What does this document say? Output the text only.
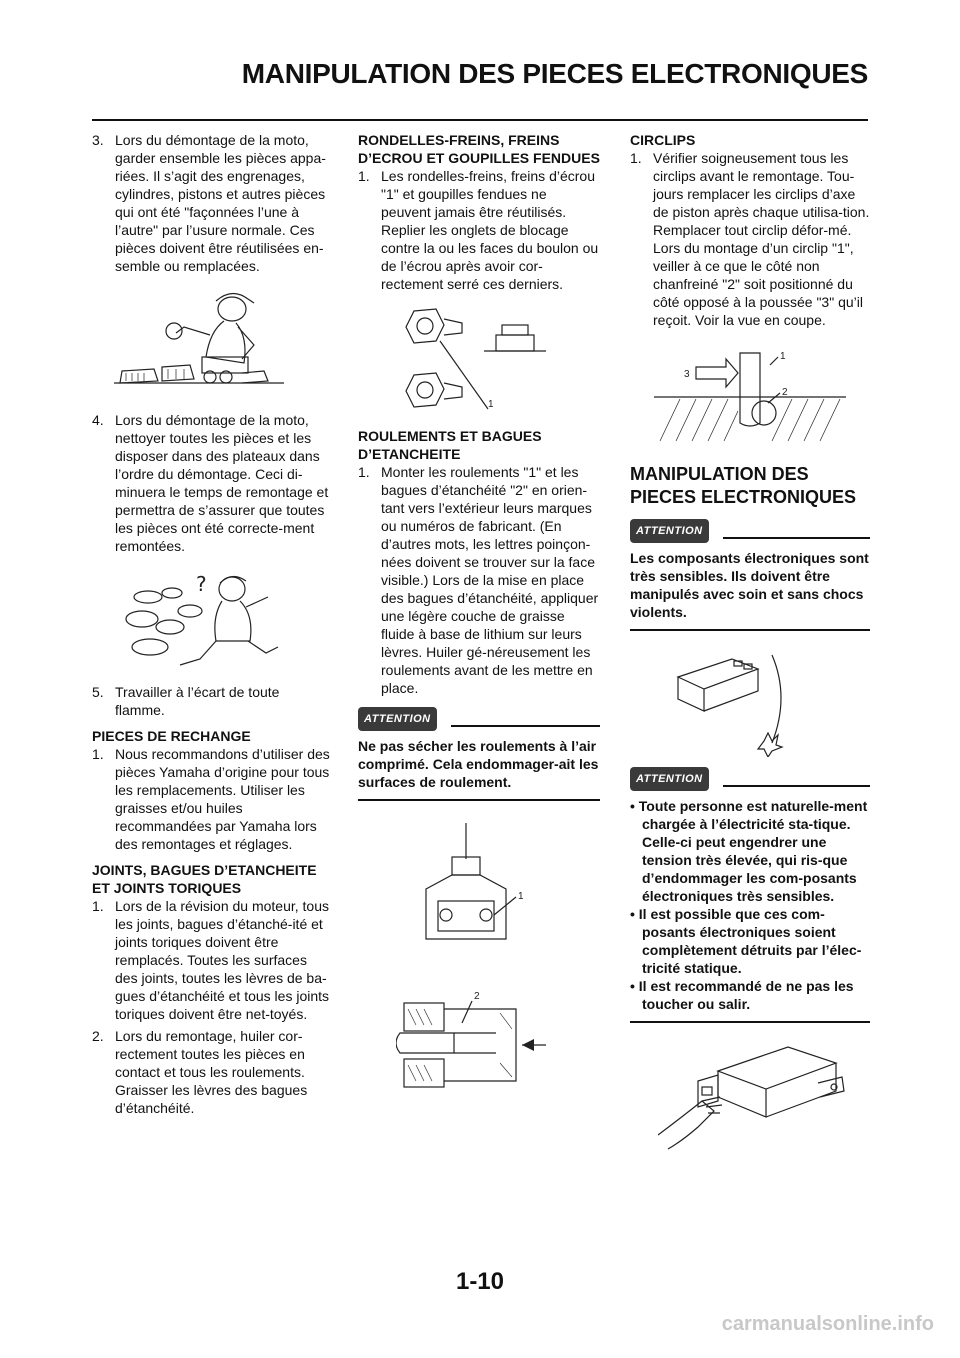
MANIPULATION DES PIECES ELECTRONIQUES

3. Lors du démontage de la moto, garder ensemble les pièces appa-riées. Il s’agit des engrenages, cylindres, pistons et autres pièces qui ont été "façonnées l’une à l’autre" par l’usure normale. Ces pièces doivent être réutilisées en-semble ou remplacées.

4. Lors du démontage de la moto, nettoyer toutes les pièces et les disposer dans des plateaux dans l’ordre du démontage. Ceci di-minuera le temps de remontage et permettra de s’assurer que toutes les pièces ont été correcte-ment remontées.

?

5. Travailler à l’écart de toute flamme.

PIECES DE RECHANGE

1. Nous recommandons d’utiliser des pièces Yamaha d’origine pour tous les remplacements. Utiliser les graisses et/ou huiles recommandées par Yamaha lors des remontages et réglages.

JOINTS, BAGUES D’ETANCHEITE ET JOINTS TORIQUES

1. Lors de la révision du moteur, tous les joints, bagues d’étanché-ité et joints toriques doivent être remplacés. Toutes les surfaces des joints, toutes les lèvres de ba-gues d’étanchéité et tous les joints toriques doivent être net-toyés.

2. Lors du remontage, huiler cor-rectement toutes les pièces en contact et tous les roulements. Graisser les lèvres des bagues d’étanchéité.

RONDELLES-FREINS, FREINS D’ECROU ET GOUPILLES FENDUES

1. Les rondelles-freins, freins d’écrou "1" et goupilles fendues ne peuvent jamais être réutilisés. Replier les onglets de blocage contre la ou les faces du boulon ou de l’écrou après avoir cor-rectement serré ces derniers.

1

ROULEMENTS ET BAGUES D’ETANCHEITE

1. Monter les roulements "1" et les bagues d’étanchéité "2" en orien-tant vers l’extérieur leurs marques ou numéros de fabricant. (En d’autres mots, les lettres poinçon-nées doivent se trouver sur la face visible.) Lors de la mise en place des bagues d’étanchéité, appliquer une légère couche de graisse fluide à base de lithium sur leurs lèvres. Huiler gé-néreusement les roulements avant de les mettre en place.

ATTENTION
Ne pas sécher les roulements à l’air comprimé. Cela endommager-ait les surfaces de roulement.
1
2

CIRCLIPS

1. Vérifier soigneusement tous les circlips avant le remontage. Tou-jours remplacer les circlips d’axe de piston après chaque utilisa-tion. Remplacer tout circlip défor-mé. Lors du montage d’un circlip "1", veiller à ce que le côté non chanfreiné "2" soit positionné du côté opposé à la poussée "3" qu’il reçoit. Voir la vue en coupe.

1
2
3
MANIPULATION DES PIECES ELECTRONIQUES
ATTENTION
Les composants électroniques sont très sensibles. Ils doivent être manipulés avec soin et sans chocs violents.
ATTENTION
• Toute personne est naturelle-ment chargée à l’électricité sta-tique. Celle-ci peut engendrer une tension très élevée, qui ris-que d’endommager les com-posants électroniques très sensibles.
• Il est possible que ces com-posants électroniques soient complètement détruits par l’élec-tricité statique.
• Il est recommandé de ne pas les toucher ou salir.
1-10
carmanualsonline.info
